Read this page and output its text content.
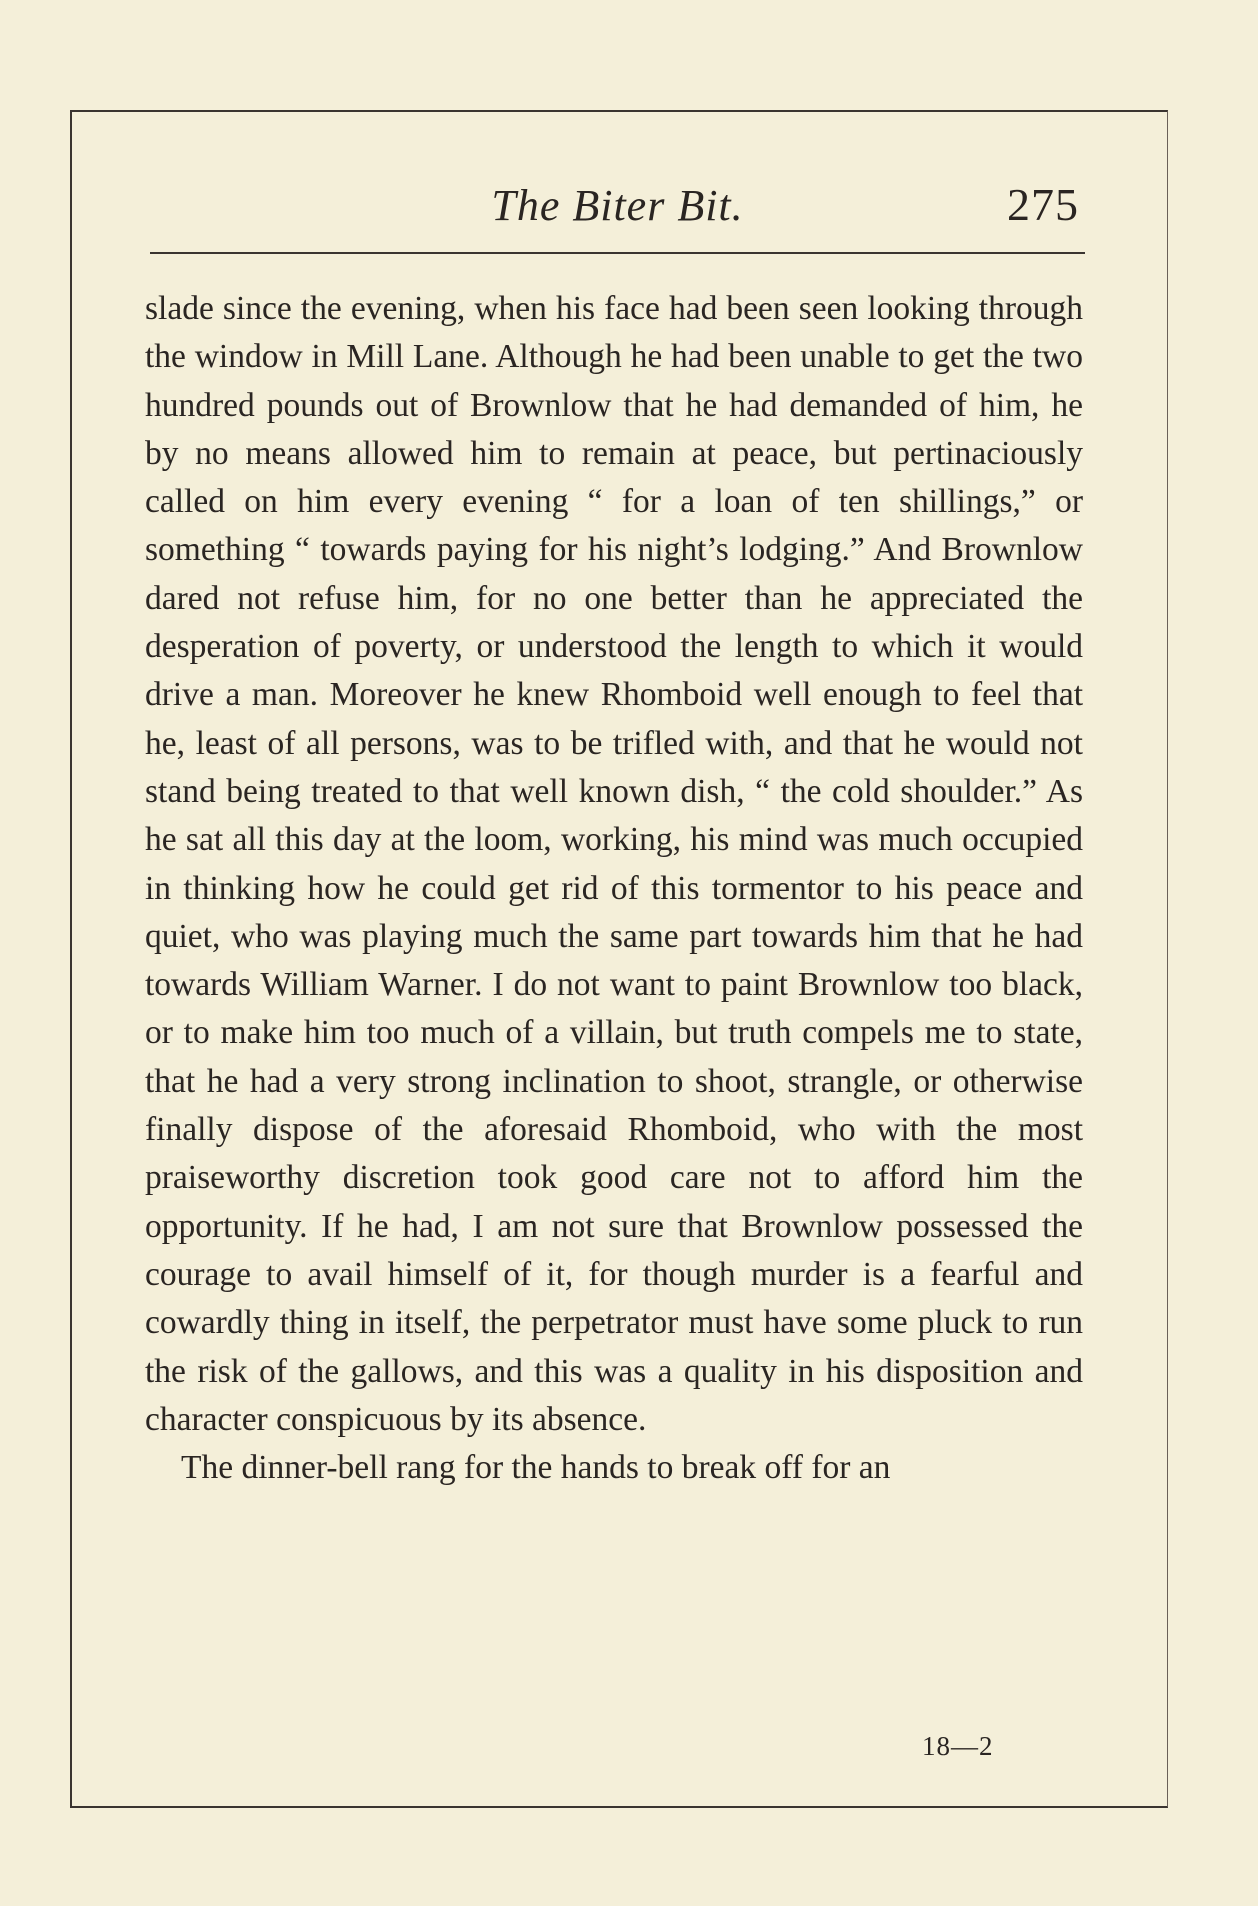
The Biter Bit.	275

slade since the evening, when his face had been seen looking through the window in Mill Lane. Although he had been unable to get the two hundred pounds out of Brownlow that he had demanded of him, he by no means allowed him to remain at peace, but pertinaciously called on him every evening “ for a loan of ten shillings,” or something “ towards paying for his night’s lodging.” And Brownlow dared not refuse him, for no one better than he appreciated the desperation of poverty, or understood the length to which it would drive a man. Moreover he knew Rhomboid well enough to feel that he, least of all persons, was to be trifled with, and that he would not stand being treated to that well known dish, “ the cold shoulder.” As he sat all this day at the loom, working, his mind was much occupied in thinking how he could get rid of this tormentor to his peace and quiet, who was playing much the same part towards him that he had towards William Warner. I do not want to paint Brownlow too black, or to make him too much of a villain, but truth compels me to state, that he had a very strong inclination to shoot, strangle, or otherwise finally dispose of the aforesaid Rhomboid, who with the most praiseworthy discretion took good care not to afford him the opportunity. If he had, I am not sure that Brownlow possessed the courage to avail himself of it, for though murder is a fearful and cowardly thing in itself, the perpetrator must have some pluck to run the risk of the gallows, and this was a quality in his disposition and character conspicuous by its absence.

The dinner-bell rang for the hands to break off for an

18—2
